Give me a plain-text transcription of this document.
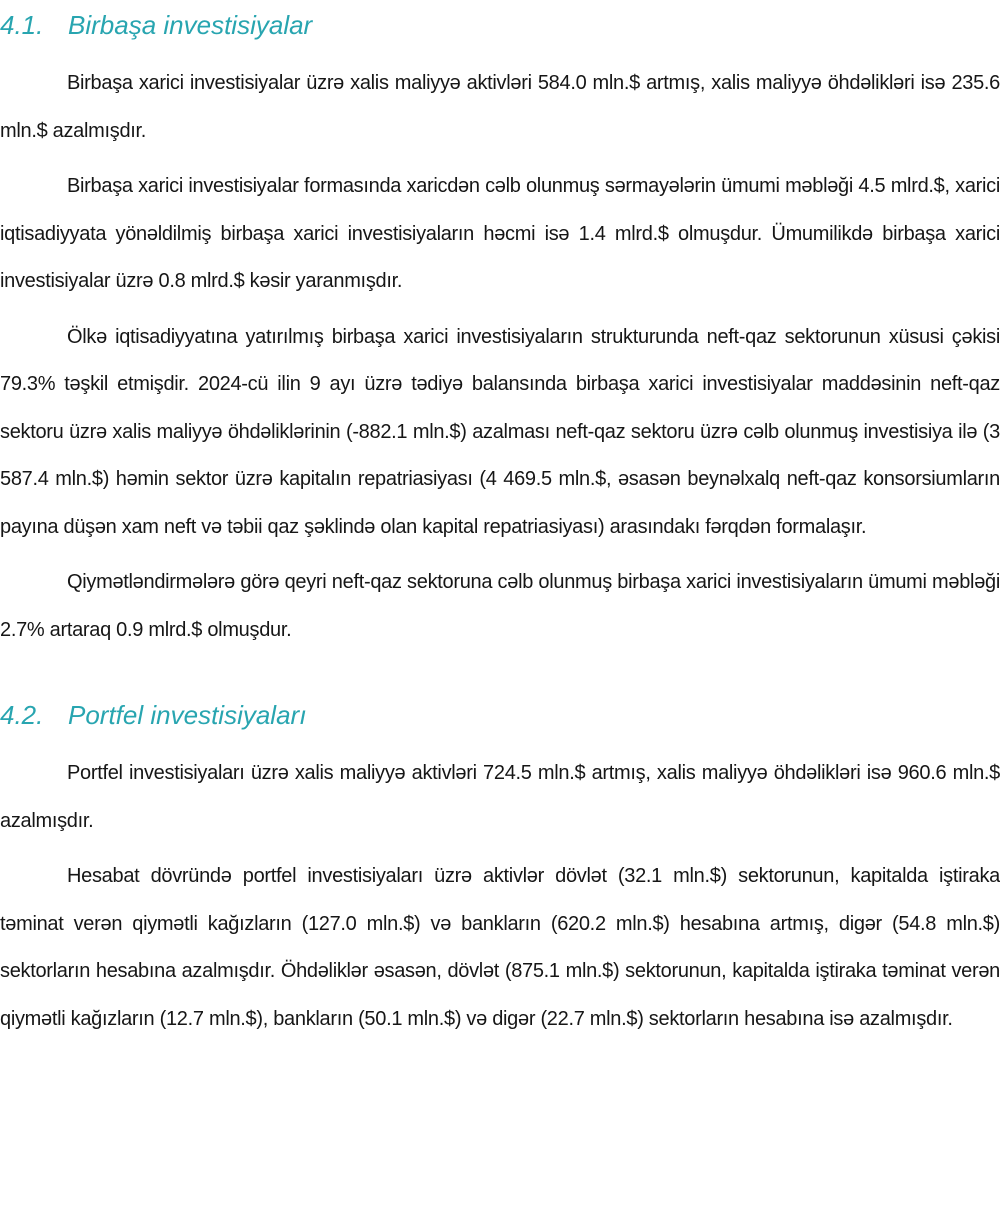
4.1. Birbaşa investisiyalar

Birbaşa xarici investisiyalar üzrə xalis maliyyə aktivləri 584.0 mln.$ artmış, xalis maliyyə öhdəlikləri isə 235.6 mln.$ azalmışdır.

Birbaşa xarici investisiyalar formasında xaricdən cəlb olunmuş sərmayələrin ümumi məbləği 4.5 mlrd.$, xarici iqtisadiyyata yönəldilmiş birbaşa xarici investisiyaların həcmi isə 1.4 mlrd.$ olmuşdur. Ümumilikdə birbaşa xarici investisiyalar üzrə 0.8 mlrd.$ kəsir yaranmışdır.

Ölkə iqtisadiyyatına yatırılmış birbaşa xarici investisiyaların strukturunda neft-qaz sektorunun xüsusi çəkisi 79.3% təşkil etmişdir. 2024-cü ilin 9 ayı üzrə tədiyə balansında birbaşa xarici investisiyalar maddəsinin neft-qaz sektoru üzrə xalis maliyyə öhdəliklərinin (-882.1 mln.$) azalması neft-qaz sektoru üzrə cəlb olunmuş investisiya ilə (3 587.4 mln.$) həmin sektor üzrə kapitalın repatriasiyası (4 469.5 mln.$, əsasən beynəlxalq neft-qaz konsorsiumların payına düşən xam neft və təbii qaz şəklində olan kapital repatriasiyası) arasındakı fərqdən formalaşır.

Qiymətləndirmələrə görə qeyri neft-qaz sektoruna cəlb olunmuş birbaşa xarici investisiyaların ümumi məbləği 2.7% artaraq 0.9 mlrd.$ olmuşdur.

4.2. Portfel investisiyaları

Portfel investisiyaları üzrə xalis maliyyə aktivləri 724.5 mln.$ artmış, xalis maliyyə öhdəlikləri isə 960.6 mln.$ azalmışdır.

Hesabat dövründə portfel investisiyaları üzrə aktivlər dövlət (32.1 mln.$) sektorunun, kapitalda iştiraka təminat verən qiymətli kağızların (127.0 mln.$) və bankların (620.2 mln.$) hesabına artmış, digər (54.8 mln.$) sektorların hesabına azalmışdır. Öhdəliklər əsasən, dövlət (875.1 mln.$) sektorunun, kapitalda iştiraka təminat verən qiymətli kağızların (12.7 mln.$), bankların (50.1 mln.$) və digər (22.7 mln.$) sektorların hesabına isə azalmışdır.
